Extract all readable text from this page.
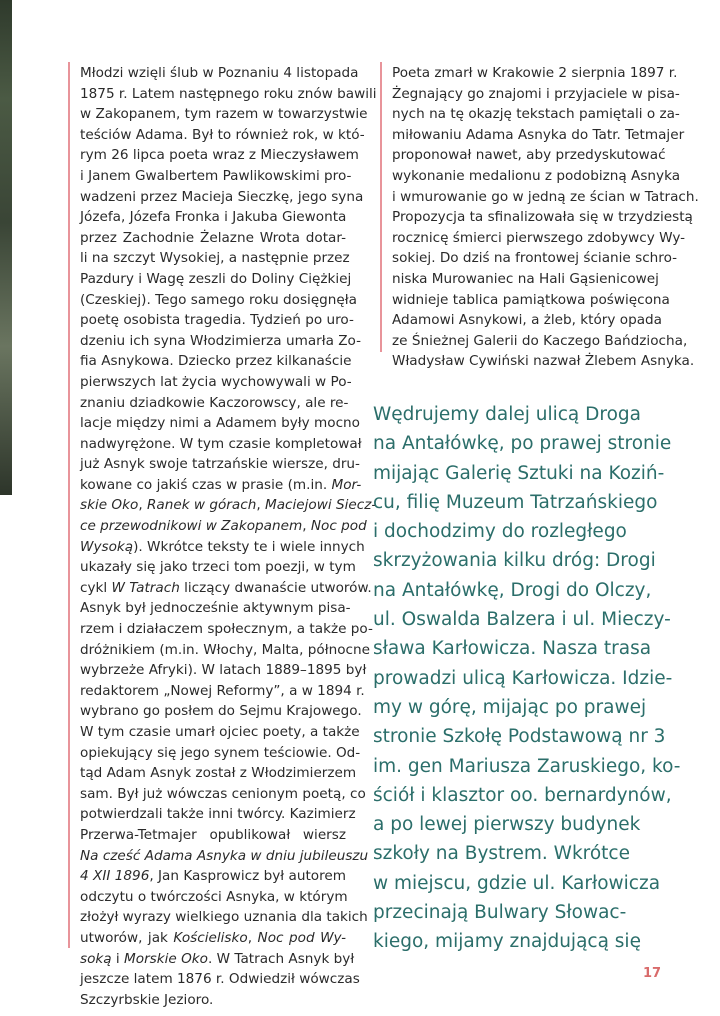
Młodzi wzięli ślub w Poznaniu 4 listopada
1875 r. Latem następnego roku znów bawili
w Zakopanem, tym razem w towarzystwie
teściów Adama. Był to również rok, w któ-
rym 26 lipca poeta wraz z Mieczysławem
i Janem Gwalbertem Pawlikowskimi pro-
wadzeni przez Macieja Sieczkę, jego syna
Józefa, Józefa Fronka i Jakuba Giewonta
przez Zachodnie Żelazne Wrota dotar-
li na szczyt Wysokiej, a następnie przez
Pazdury i Wagę zeszli do Doliny Ciężkiej
(Czeskiej). Tego samego roku dosięgnęła
poetę osobista tragedia. Tydzień po uro-
dzeniu ich syna Włodzimierza umarła Zo-
fia Asnykowa. Dziecko przez kilkanaście
pierwszych lat życia wychowywali w Po-
znaniu dziadkowie Kaczorowscy, ale re-
lacje między nimi a Adamem były mocno
nadwyrężone. W tym czasie kompletował
już Asnyk swoje tatrzańskie wiersze, dru-
kowane co jakiś czas w prasie (m.in. Mor-
skie Oko, Ranek w górach, Maciejowi Siecz-
ce przewodnikowi w Zakopanem, Noc pod
Wysoką). Wkrótce teksty te i wiele innych
ukazały się jako trzeci tom poezji, w tym
cykl W Tatrach liczący dwanaście utworów.
Asnyk był jednocześnie aktywnym pisa-
rzem i działaczem społecznym, a także po-
dróżnikiem (m.in. Włochy, Malta, północne
wybrzeże Afryki). W latach 1889–1895 był
redaktorem „Nowej Reformy”, a w 1894 r.
wybrano go posłem do Sejmu Krajowego.
W tym czasie umarł ojciec poety, a także
opiekujący się jego synem teściowie. Od-
tąd Adam Asnyk został z Włodzimierzem
sam. Był już wówczas cenionym poetą, co
potwierdzali także inni twórcy. Kazimierz
Przerwa-Tetmajer opublikował wiersz
Na cześć Adama Asnyka w dniu jubileuszu
4 XII 1896, Jan Kasprowicz był autorem
odczytu o twórczości Asnyka, w którym
złożył wyrazy wielkiego uznania dla takich
utworów, jak Kościelisko, Noc pod Wy-
soką i Morskie Oko. W Tatrach Asnyk był
jeszcze latem 1876 r. Odwiedził wówczas
Szczyrbskie Jezioro.
Poeta zmarł w Krakowie 2 sierpnia 1897 r.
Żegnający go znajomi i przyjaciele w pisa-
nych na tę okazję tekstach pamiętali o za-
miłowaniu Adama Asnyka do Tatr. Tetmajer
proponował nawet, aby przedyskutować
wykonanie medalionu z podobizną Asnyka
i wmurowanie go w jedną ze ścian w Tatrach.
Propozycja ta sfinalizowała się w trzydziestą
rocznicę śmierci pierwszego zdobywcy Wy-
sokiej. Do dziś na frontowej ścianie schro-
niska Murowaniec na Hali Gąsienicowej
widnieje tablica pamiątkowa poświęcona
Adamowi Asnykowi, a żleb, który opada
ze Śnieżnej Galerii do Kaczego Bańdziocha,
Władysław Cywiński nazwał Żlebem Asnyka.
Wędrujemy dalej ulicą Droga
na Antałówkę, po prawej stronie
mijając Galerię Sztuki na Koziń-
cu, filię Muzeum Tatrzańskiego
i dochodzimy do rozległego
skrzyżowania kilku dróg: Drogi
na Antałówkę, Drogi do Olczy,
ul. Oswalda Balzera i ul. Mieczy-
sława Karłowicza. Nasza trasa
prowadzi ulicą Karłowicza. Idzie-
my w górę, mijając po prawej
stronie Szkołę Podstawową nr 3
im. gen Mariusza Zaruskiego, ko-
ściół i klasztor oo. bernardynów,
a po lewej pierwszy budynek
szkoły na Bystrem. Wkrótce
w miejscu, gdzie ul. Karłowicza
przecinają Bulwary Słowac-
kiego, mijamy znajdującą się
17
